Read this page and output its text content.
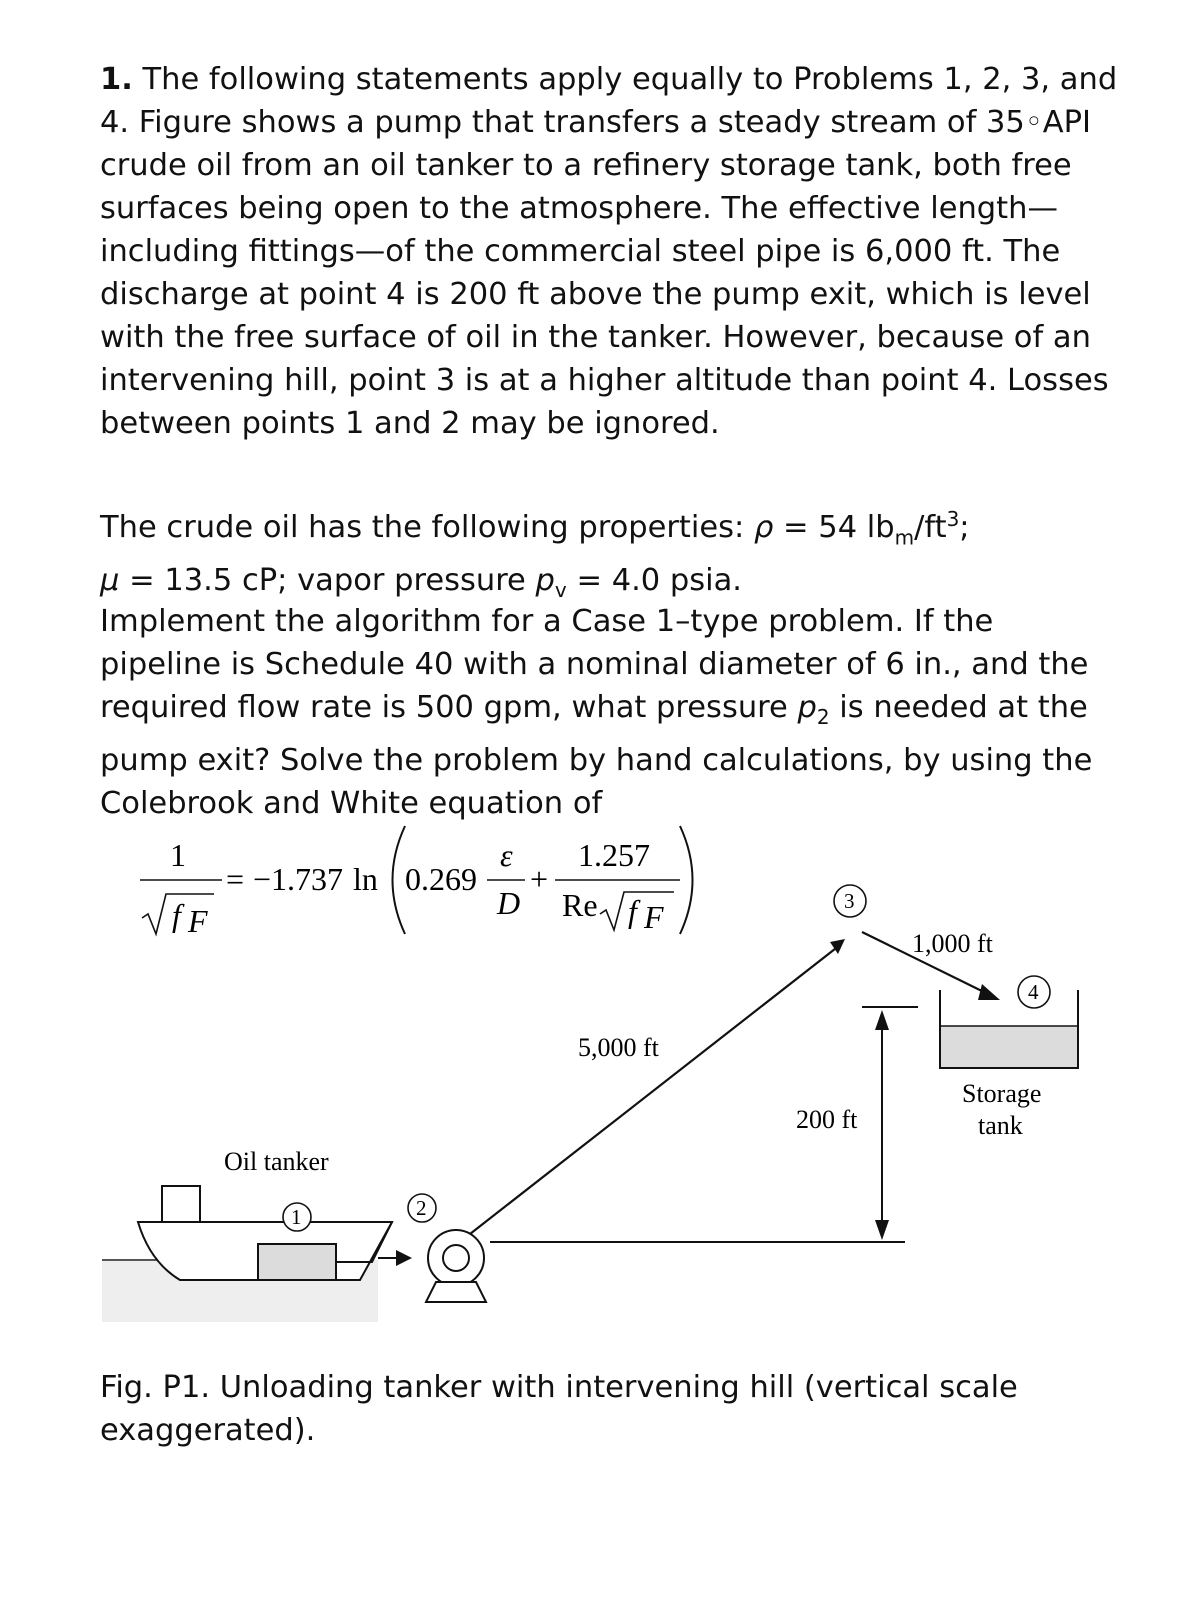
1. The following statements apply equally to Problems 1, 2, 3, and 4. Figure shows a pump that transfers a steady stream of 35◦API crude oil from an oil tanker to a refinery storage tank, both free surfaces being open to the atmosphere. The effective length—including fittings—of the commercial steel pipe is 6,000 ft. The discharge at point 4 is 200 ft above the pump exit, which is level with the free surface of oil in the tanker. However, because of an intervening hill, point 3 is at a higher altitude than point 4. Losses between points 1 and 2 may be ignored.
The crude oil has the following properties: ρ = 54 $lb_m/ft^3$;
μ = 13.5 cP; vapor pressure $p_v = 4.0$ psia.
Implement the algorithm for a Case 1–type problem. If the pipeline is Schedule 40 with a nominal diameter of 6 in., and the required flow rate is 500 gpm, what pressure $p_2$ is needed at the pump exit? Solve the problem by hand calculations, by using the Colebrook and White equation of
1
f F
= −1.737 ln 0.269
ε
D
+
1.257
Re f F
Oil tanker
Storage
tank
200 ft
5,000 ft
1,000 ft
1	2
3
4
Fig. P1. Unloading tanker with intervening hill (vertical scale exaggerated).
